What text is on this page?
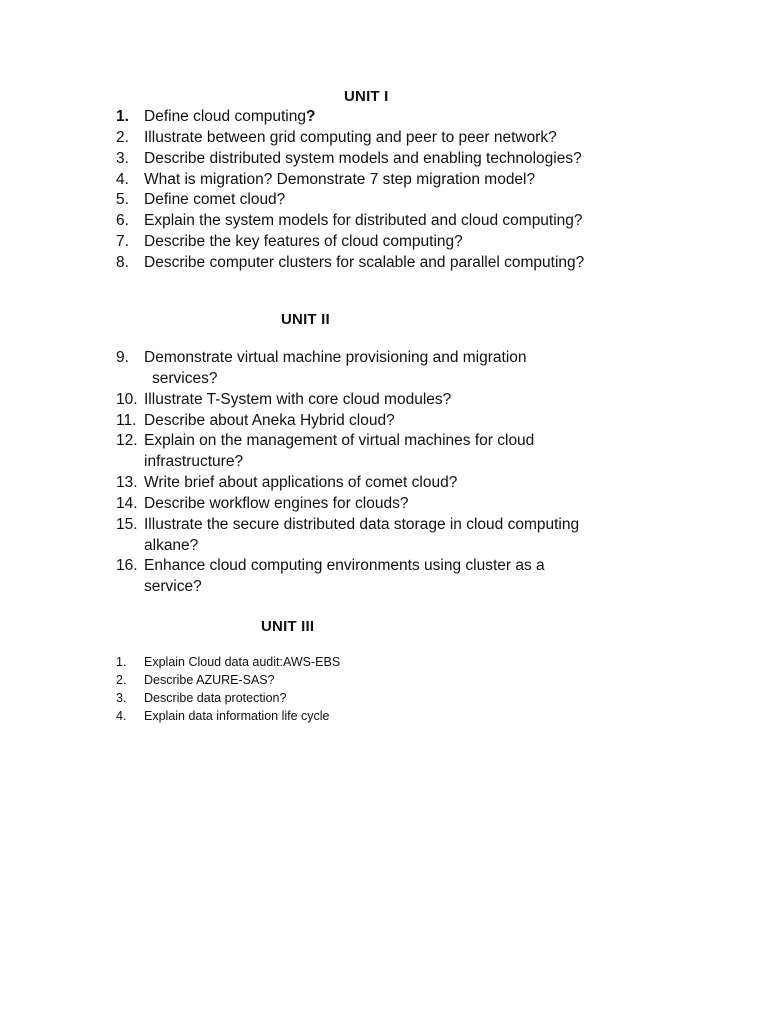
UNIT I
1. Define cloud computing?
2. Illustrate between grid computing and peer to peer network?
3. Describe distributed system models and enabling technologies?
4. What is migration? Demonstrate 7 step migration model?
5. Define comet cloud?
6. Explain the system models for distributed and cloud computing?
7. Describe the key features of cloud computing?
8. Describe computer clusters for scalable and parallel computing?
UNIT II
9. Demonstrate virtual machine provisioning and migration
services?
10. Illustrate T-System with core cloud modules?
11. Describe about Aneka Hybrid cloud?
12. Explain on the management of virtual machines for cloud
infrastructure?
13. Write brief about applications of comet cloud?
14. Describe workflow engines for clouds?
15. Illustrate the secure distributed data storage in cloud computing
alkane?
16. Enhance cloud computing environments using cluster as a
service?
UNIT III
1. Explain Cloud data audit:AWS-EBS
2. Describe AZURE-SAS?
3. Describe data protection?
4. Explain data information life cycle
